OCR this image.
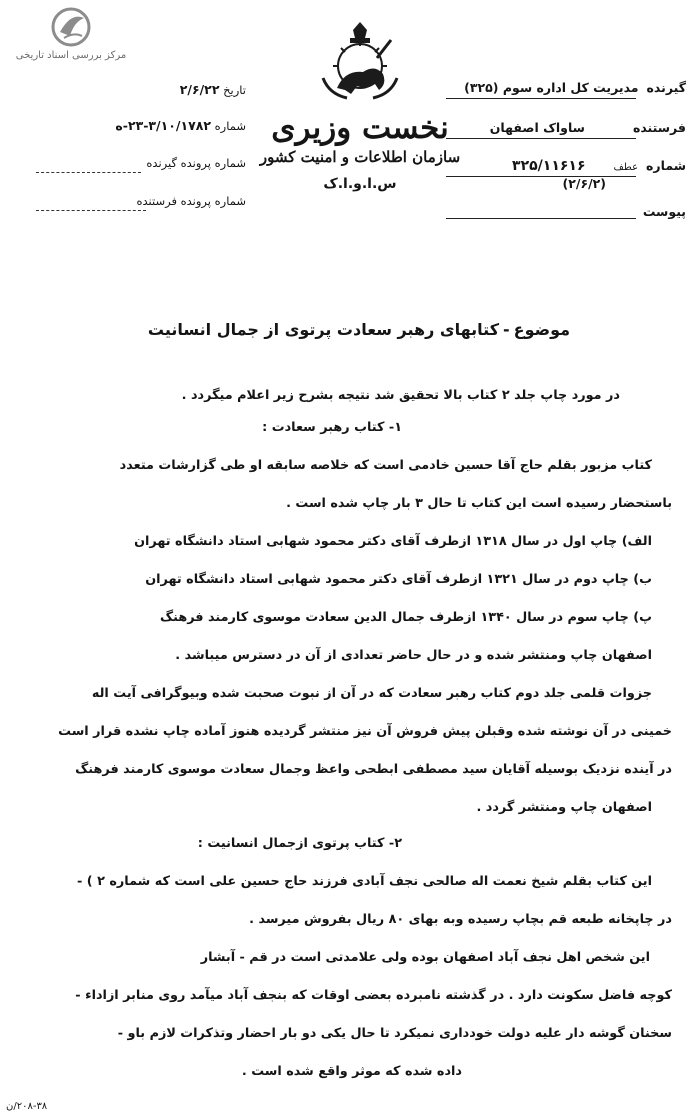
مرکز بررسی اسناد تاریخی
گیرنده
مدیریت کل اداره سوم (۳۲۵)
فرستنده
ساواک اصفهان
شماره
عطف
۳۲۵/۱۱۶۱۶
(۲/۶/۲)
پیوست
نخست وزیری
سازمان اطلاعات و امنیت کشور
س.ا.و.ا.ک
تاریخ ۲/۶/۲۲
شماره ۳/۱۰/۱۷۸۲-۲۳-ه
شماره پرونده گیرنده
شماره پرونده فرستنده
موضوع-کتابهای رهبر سعادت پرتوی از جمال انسانیت
در مورد چاپ جلد ۲ کتاب بالا تحقیق شد نتیجه بشرح زیر اعلام میگردد .
۱- کتاب رهبر سعادت :
کتاب مزبور بقلم حاج آقا حسین خادمی است که خلاصه سابقه او طی گزارشات متعدد
باستحضار رسیده است این کتاب تا حال ۳ بار چاپ شده است .
الف) چاپ اول در سال ۱۳۱۸ ازطرف آقای دکتر محمود شهابی استاد دانشگاه تهران
ب) چاپ دوم در سال ۱۳۲۱ ازطرف آقای دکتر محمود شهابی استاد دانشگاه تهران
پ) چاپ سوم در سال ۱۳۴۰ ازطرف جمال الدین سعادت موسوی کارمند فرهنگ
اصفهان چاپ ومنتشر شده و در حال حاضر تعدادی از آن در دسترس میباشد .
جزوات قلمی جلد دوم کتاب رهبر سعادت که در آن از نبوت صحبت شده وبیوگرافی آیت اله
خمینی در آن نوشته شده وقبلن پیش فروش آن نیز منتشر گردیده هنوز آماده چاپ نشده قرار است
در آینده نزدیک بوسیله آقایان سید مصطفی ابطحی واعظ وجمال سعادت موسوی کارمند فرهنگ
اصفهان چاپ ومنتشر گردد .
۲- کتاب پرتوی ازجمال انسانیت :
این کتاب بقلم شیخ نعمت اله صالحی نجف آبادی فرزند حاج حسین علی است که شماره ۲ ) -
در چاپخانه طبعه قم بچاپ رسیده وبه بهای ۸۰ ریال بفروش میرسد .
این شخص اهل نجف آباد اصفهان بوده ولی علامدتی است در قم - آبشار
کوچه فاضل سکونت دارد . در گذشته نامبرده بعضی اوقات که بنجف آباد میآمد روی منابر ازاداء -
سخنان گوشه دار علیه دولت خودداری نمیکرد تا حال یکی دو بار احضار وتذکرات لازم باو -
داده شده که موثر واقع شده است .
۲۰۸-۳۸/ن
